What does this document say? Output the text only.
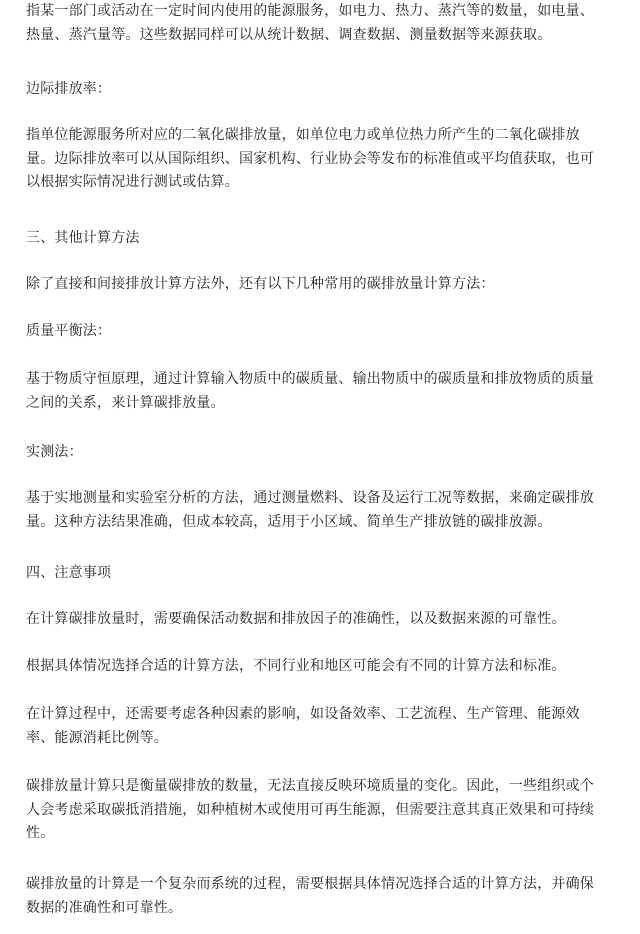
指某一部门或活动在一定时间内使用的能源服务，如电力、热力、蒸汽等的数量，如电量、
热量、蒸汽量等。这些数据同样可以从统计数据、调查数据、测量数据等来源获取。
边际排放率：
指单位能源服务所对应的二氧化碳排放量，如单位电力或单位热力所产生的二氧化碳排放
量。边际排放率可以从国际组织、国家机构、行业协会等发布的标准值或平均值获取，也可
以根据实际情况进行测试或估算。
三、其他计算方法
除了直接和间接排放计算方法外，还有以下几种常用的碳排放量计算方法：
质量平衡法：
基于物质守恒原理，通过计算输入物质中的碳质量、输出物质中的碳质量和排放物质的质量
之间的关系，来计算碳排放量。
实测法：
基于实地测量和实验室分析的方法，通过测量燃料、设备及运行工况等数据，来确定碳排放
量。这种方法结果准确，但成本较高，适用于小区域、简单生产排放链的碳排放源。
四、注意事项
在计算碳排放量时，需要确保活动数据和排放因子的准确性，以及数据来源的可靠性。
根据具体情况选择合适的计算方法，不同行业和地区可能会有不同的计算方法和标准。
在计算过程中，还需要考虑各种因素的影响，如设备效率、工艺流程、生产管理、能源效
率、能源消耗比例等。
碳排放量计算只是衡量碳排放的数量，无法直接反映环境质量的变化。因此，一些组织或个
人会考虑采取碳抵消措施，如种植树木或使用可再生能源，但需要注意其真正效果和可持续
性。
碳排放量的计算是一个复杂而系统的过程，需要根据具体情况选择合适的计算方法，并确保
数据的准确性和可靠性。
